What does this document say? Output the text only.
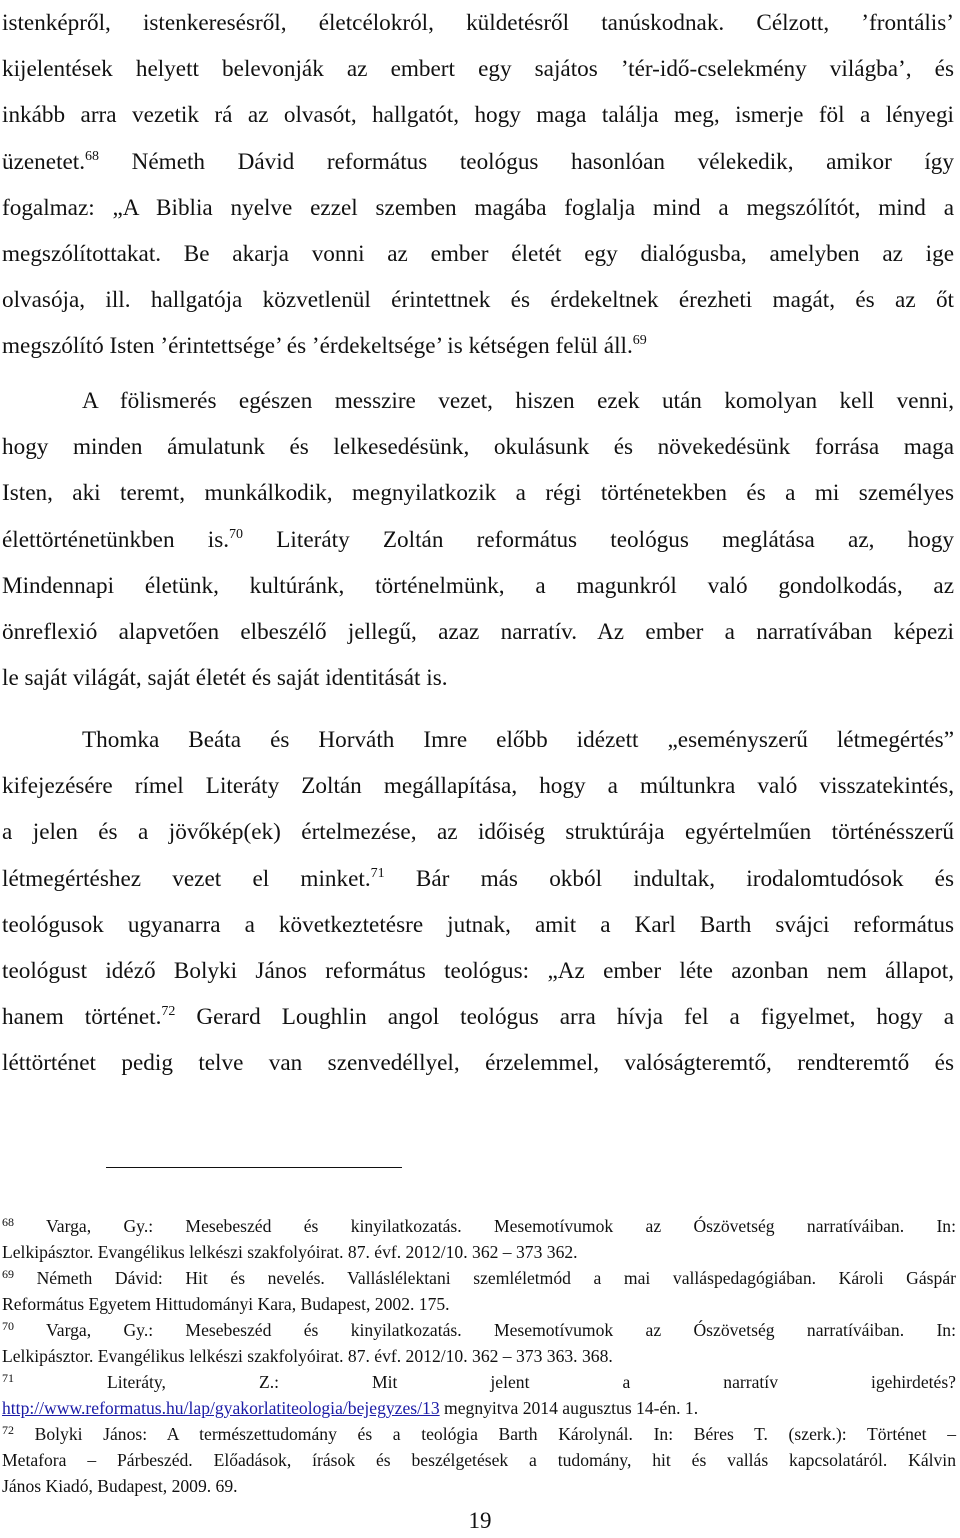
istenképről, istenkeresésről, életcélokról, küldetésről tanúskodnak. Célzott, ’frontális’
kijelentések helyett belevonják az embert egy sajátos ’tér-idő-cselekmény világba’, és
inkább arra vezetik rá az olvasót, hallgatót, hogy maga találja meg, ismerje föl a lényegi
üzenetet.$^{68}$ Németh Dávid református teológus hasonlóan vélekedik, amikor így
fogalmaz: „A Biblia nyelve ezzel szemben magába foglalja mind a megszólítót, mind a
megszólítottakat. Be akarja vonni az ember életét egy dialógusba, amelyben az ige
olvasója, ill. hallgatója közvetlenül érintettnek és érdekeltnek érezheti magát, és az őt
megszólító Isten ’érintettsége’ és ’érdekeltsége’ is kétségen felül áll.$^{69}$
A fölismerés egészen messzire vezet, hiszen ezek után komolyan kell venni,
hogy minden ámulatunk és lelkesedésünk, okulásunk és növekedésünk forrása maga
Isten, aki teremt, munkálkodik, megnyilatkozik a régi történetekben és a mi személyes
élettörténetünkben is.$^{70}$ Literáty Zoltán református teológus meglátása az, hogy
Mindennapi életünk, kultúránk, történelmünk, a magunkról való gondolkodás, az
önreflexió alapvetően elbeszélő jellegű, azaz narratív. Az ember a narratívában képezi
le saját világát, saját életét és saját identitását is.
Thomka Beáta és Horváth Imre előbb idézett „eseményszerű létmegértés”
kifejezésére rímel Literáty Zoltán megállapítása, hogy a múltunkra való visszatekintés,
a jelen és a jövőkép(ek) értelmezése, az időiség struktúrája egyértelműen történésszerű
létmegértéshez vezet el minket.$^{71}$ Bár más okból indultak, irodalomtudósok és
teológusok ugyanarra a következtetésre jutnak, amit a Karl Barth svájci református
teológust idéző Bolyki János református teológus: „Az ember léte azonban nem állapot,
hanem történet.$^{72}$ Gerard Loughlin angol teológus arra hívja fel a figyelmet, hogy a
léttörténet pedig telve van szenvedéllyel, érzelemmel, valóságteremtő, rendteremtő és
$^{68}$ Varga, Gy.: Mesebeszéd és kinyilatkozatás. Mesemotívumok az Ószövetség narratíváiban. In:
Lelkipásztor. Evangélikus lelkészi szakfolyóirat. 87. évf. 2012/10. 362 – 373 362.
$^{69}$ Németh Dávid: Hit és nevelés. Valláslélektani szemléletmód a mai valláspedagógiában. Károli Gáspár
Református Egyetem Hittudományi Kara, Budapest, 2002. 175.
$^{70}$ Varga, Gy.: Mesebeszéd és kinyilatkozatás. Mesemotívumok az Ószövetség narratíváiban. In:
Lelkipásztor. Evangélikus lelkészi szakfolyóirat. 87. évf. 2012/10. 362 – 373 363. 368.
$^{71}$ Literáty, Z.: Mit jelent a narratív igehirdetés?
http://www.reformatus.hu/lap/gyakorlatiteologia/bejegyzes/13 megnyitva 2014 augusztus 14-én. 1.
$^{72}$ Bolyki János: A természettudomány és a teológia Barth Károlynál. In: Béres T. (szerk.): Történet –
Metafora – Párbeszéd. Előadások, írások és beszélgetések a tudomány, hit és vallás kapcsolatáról. Kálvin
János Kiadó, Budapest, 2009. 69.
19
